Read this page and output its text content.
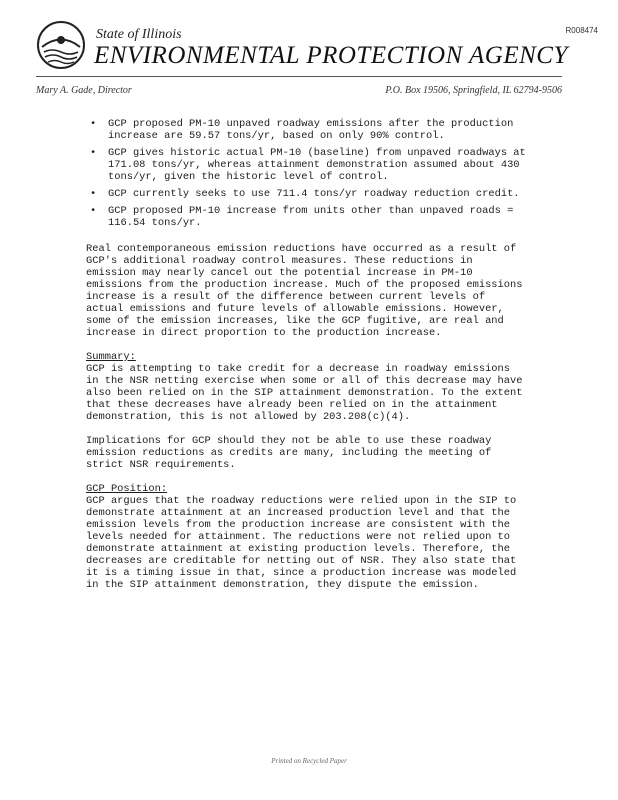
R008474
State of Illinois
ENVIRONMENTAL PROTECTION AGENCY
Mary A. Gade, Director	P.O. Box 19506, Springfield, IL 62794-9506
• GCP proposed PM-10 unpaved roadway emissions after the production increase are 59.57 tons/yr, based on only 90% control.
• GCP gives historic actual PM-10 (baseline) from unpaved roadways at 171.08 tons/yr, whereas attainment demonstration assumed about 430 tons/yr, given the historic level of control.
• GCP currently seeks to use 711.4 tons/yr roadway reduction credit.
• GCP proposed PM-10 increase from units other than unpaved roads = 116.54 tons/yr.

Real contemporaneous emission reductions have occurred as a result of GCP's additional roadway control measures. These reductions in emission may nearly cancel out the potential increase in PM-10 emissions from the production increase. Much of the proposed emissions increase is a result of the difference between current levels of actual emissions and future levels of allowable emissions. However, some of the emission increases, like the GCP fugitive, are real and increase in direct proportion to the production increase.

Summary:

GCP is attempting to take credit for a decrease in roadway emissions in the NSR netting exercise when some or all of this decrease may have also been relied on in the SIP attainment demonstration. To the extent that these decreases have already been relied on in the attainment demonstration, this is not allowed by 203.208(c)(4).

Implications for GCP should they not be able to use these roadway emission reductions as credits are many, including the meeting of strict NSR requirements.

GCP Position:

GCP argues that the roadway reductions were relied upon in the SIP to demonstrate attainment at an increased production level and that the emission levels from the production increase are consistent with the levels needed for attainment. The reductions were not relied upon to demonstrate attainment at existing production levels. Therefore, the decreases are creditable for netting out of NSR. They also state that it is a timing issue in that, since a production increase was modeled in the SIP attainment demonstration, they dispute the emission.

Printed on Recycled Paper
